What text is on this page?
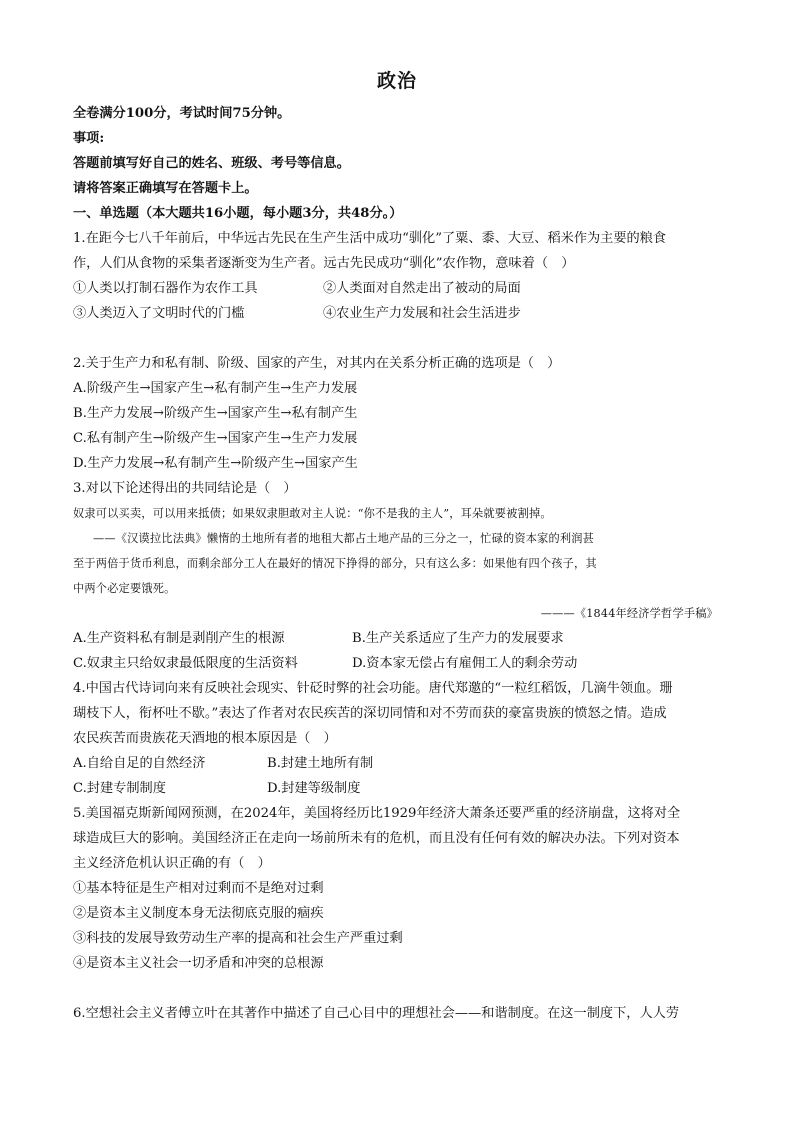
政治
全卷满分100分，考试时间75分钟。
事项:
答题前填写好自己的姓名、班级、考号等信息。
请将答案正确填写在答题卡上。
一、单选题（本大题共16小题，每小题3分，共48分。）
1.在距今七八千年前后，中华远古先民在生产生活中成功“驯化”了粟、黍、大豆、稻米作为主要的粮食
作，人们从食物的采集者逐渐变为生产者。远古先民成功“驯化”农作物，意味着（　）
①人类以打制石器作为农作工具	②人类面对自然走出了被动的局面
③人类迈入了文明时代的门槛	④农业生产力发展和社会生活进步
2.关于生产力和私有制、阶级、国家的产生，对其内在关系分析正确的选项是（　）
A.阶级产生→国家产生→私有制产生→生产力发展
B.生产力发展→阶级产生→国家产生→私有制产生
C.私有制产生→阶级产生→国家产生→生产力发展
D.生产力发展→私有制产生→阶级产生→国家产生
3.对以下论述得出的共同结论是（　）
奴隶可以买卖，可以用来抵债；如果奴隶胆敢对主人说：“你不是我的主人”，耳朵就要被割掉。
——《汉谟拉比法典》懒惰的土地所有者的地租大都占土地产品的三分之一，忙碌的资本家的利润甚
至于两倍于货币利息，而剩余部分工人在最好的情况下挣得的部分，只有这么多：如果他有四个孩子，其
中两个必定要饿死。
———《1844年经济学哲学手稿》
A.生产资料私有制是剥削产生的根源	B.生产关系适应了生产力的发展要求
C.奴隶主只给奴隶最低限度的生活资料	D.资本家无偿占有雇佣工人的剩余劳动
4.中国古代诗词向来有反映社会现实、针砭时弊的社会功能。唐代郑邀的“一粒红稻饭，几滴牛领血。珊
瑚枝下人，衔杯吐不歇。”表达了作者对农民疾苦的深切同情和对不劳而获的豪富贵族的愤怒之情。造成
农民疾苦而贵族花天酒地的根本原因是（　）
A.自给自足的自然经济	B.封建土地所有制
C.封建专制制度	D.封建等级制度
5.美国福克斯新闻网预测，在2024年，美国将经历比1929年经济大萧条还要严重的经济崩盘，这将对全
球造成巨大的影响。美国经济正在走向一场前所未有的危机，而且没有任何有效的解决办法。下列对资本
主义经济危机认识正确的有（　）
①基本特征是生产相对过剩而不是绝对过剩
②是资本主义制度本身无法彻底克服的痼疾
③科技的发展导致劳动生产率的提高和社会生产严重过剩
④是资本主义社会一切矛盾和冲突的总根源
6.空想社会主义者傅立叶在其著作中描述了自己心目中的理想社会——和谐制度。在这一制度下，人人劳
